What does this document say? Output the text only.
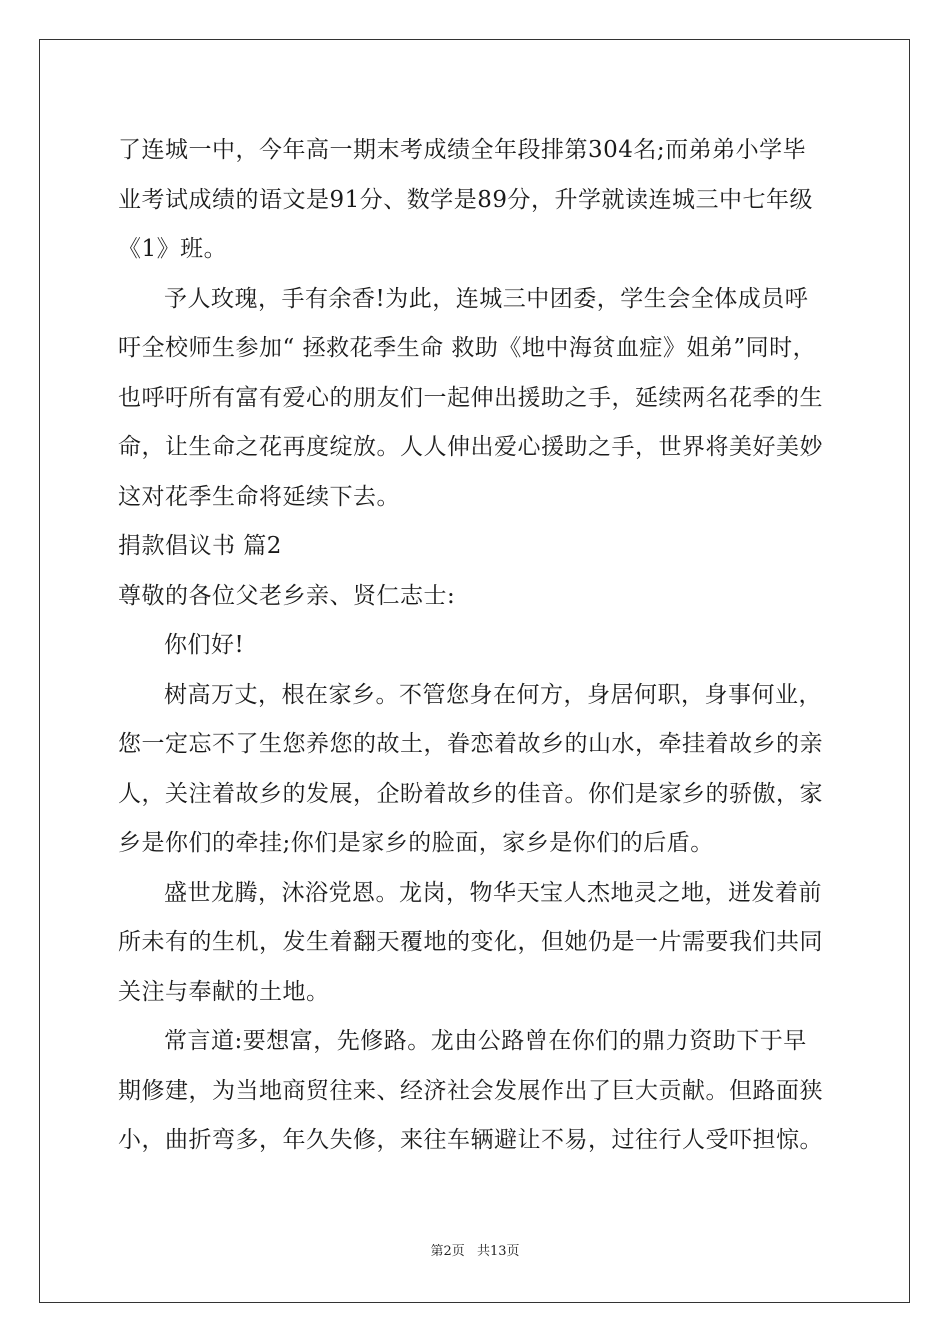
了连城一中，今年高一期末考成绩全年段排第304名;而弟弟小学毕
业考试成绩的语文是91分、数学是89分，升学就读连城三中七年级
《1》班。
予人玫瑰，手有余香!为此，连城三中团委，学生会全体成员呼
吁全校师生参加“ 拯救花季生命 救助《地中海贫血症》姐弟”同时，
也呼吁所有富有爱心的朋友们一起伸出援助之手，延续两名花季的生
命，让生命之花再度绽放。人人伸出爱心援助之手，世界将美好美妙
这对花季生命将延续下去。
捐款倡议书 篇2
尊敬的各位父老乡亲、贤仁志士:
你们好!
树高万丈，根在家乡。不管您身在何方，身居何职，身事何业，
您一定忘不了生您养您的故土，眷恋着故乡的山水，牵挂着故乡的亲
人，关注着故乡的发展，企盼着故乡的佳音。你们是家乡的骄傲，家
乡是你们的牵挂;你们是家乡的脸面，家乡是你们的后盾。
盛世龙腾，沐浴党恩。龙岗，物华天宝人杰地灵之地，迸发着前
所未有的生机，发生着翻天覆地的变化，但她仍是一片需要我们共同
关注与奉献的土地。
常言道:要想富，先修路。龙由公路曾在你们的鼎力资助下于早
期修建，为当地商贸往来、经济社会发展作出了巨大贡献。但路面狭
小，曲折弯多，年久失修，来往车辆避让不易，过往行人受吓担惊。
第2页 共13页
